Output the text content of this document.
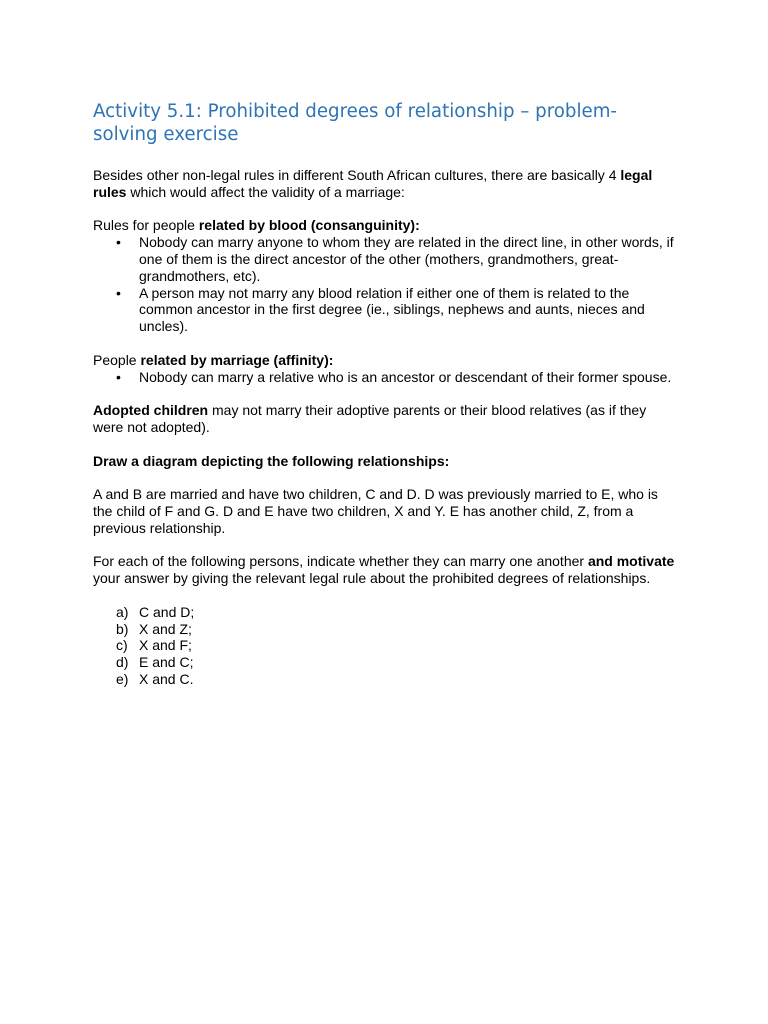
Activity 5.1: Prohibited degrees of relationship – problem-solving exercise

Besides other non-legal rules in different South African cultures, there are basically 4 legal rules which would affect the validity of a marriage:

Rules for people related by blood (consanguinity):

• Nobody can marry anyone to whom they are related in the direct line, in other words, if one of them is the direct ancestor of the other (mothers, grandmothers, great-grandmothers, etc).
• A person may not marry any blood relation if either one of them is related to the common ancestor in the first degree (ie., siblings, nephews and aunts, nieces and uncles).

People related by marriage (affinity):

• Nobody can marry a relative who is an ancestor or descendant of their former spouse.

Adopted children may not marry their adoptive parents or their blood relatives (as if they were not adopted).

Draw a diagram depicting the following relationships:

A and B are married and have two children, C and D. D was previously married to E, who is the child of F and G. D and E have two children, X and Y. E has another child, Z, from a previous relationship.

For each of the following persons, indicate whether they can marry one another and motivate your answer by giving the relevant legal rule about the prohibited degrees of relationships.

a) C and D;
b) X and Z;
c) X and F;
d) E and C;
e) X and C.
